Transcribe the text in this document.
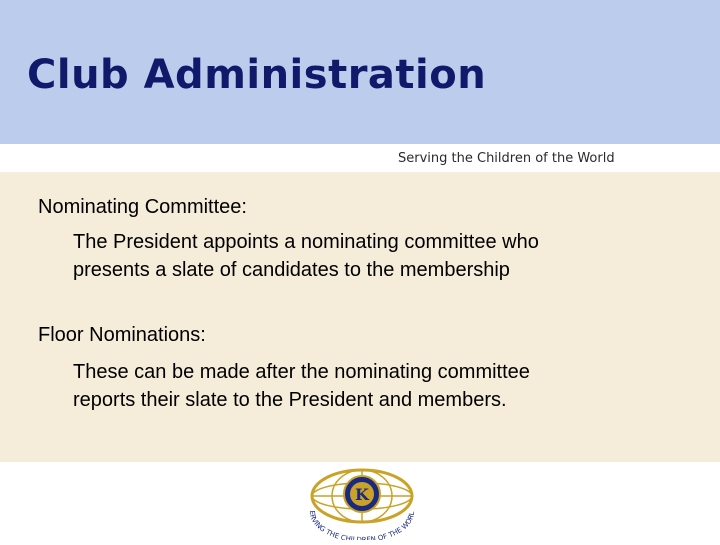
Club Administration
Serving the Children of the World
Nominating Committee:
The President appoints a nominating committee who
presents a slate of candidates to the membership
Floor Nominations:
These can be made after the nominating committee
reports their slate to the President and members.
K
ERVING THE CHILDREN OF THE WORL
